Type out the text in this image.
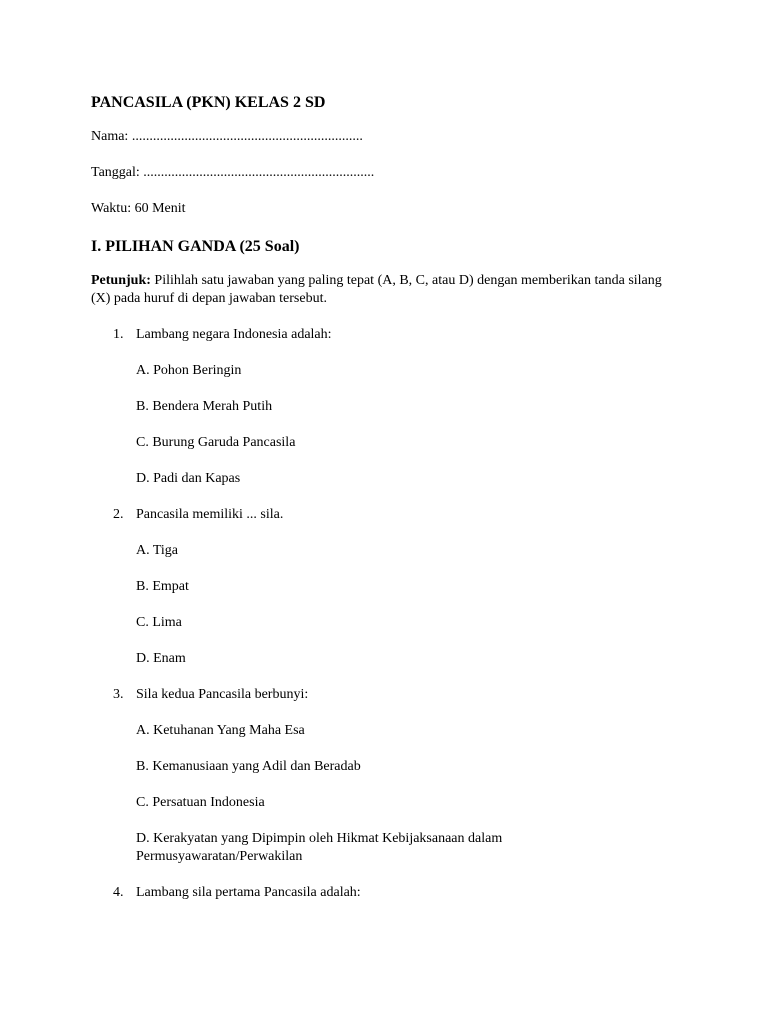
PANCASILA (PKN) KELAS 2 SD
Nama: ..................................................................
Tanggal: ..................................................................
Waktu: 60 Menit
I. PILIHAN GANDA (25 Soal)
Petunjuk: Pilihlah satu jawaban yang paling tepat (A, B, C, atau D) dengan memberikan tanda silang (X) pada huruf di depan jawaban tersebut.
1. Lambang negara Indonesia adalah:
A. Pohon Beringin
B. Bendera Merah Putih
C. Burung Garuda Pancasila
D. Padi dan Kapas
2. Pancasila memiliki ... sila.
A. Tiga
B. Empat
C. Lima
D. Enam
3. Sila kedua Pancasila berbunyi:
A. Ketuhanan Yang Maha Esa
B. Kemanusiaan yang Adil dan Beradab
C. Persatuan Indonesia
D. Kerakyatan yang Dipimpin oleh Hikmat Kebijaksanaan dalam Permusyawaratan/Perwakilan
4. Lambang sila pertama Pancasila adalah:
